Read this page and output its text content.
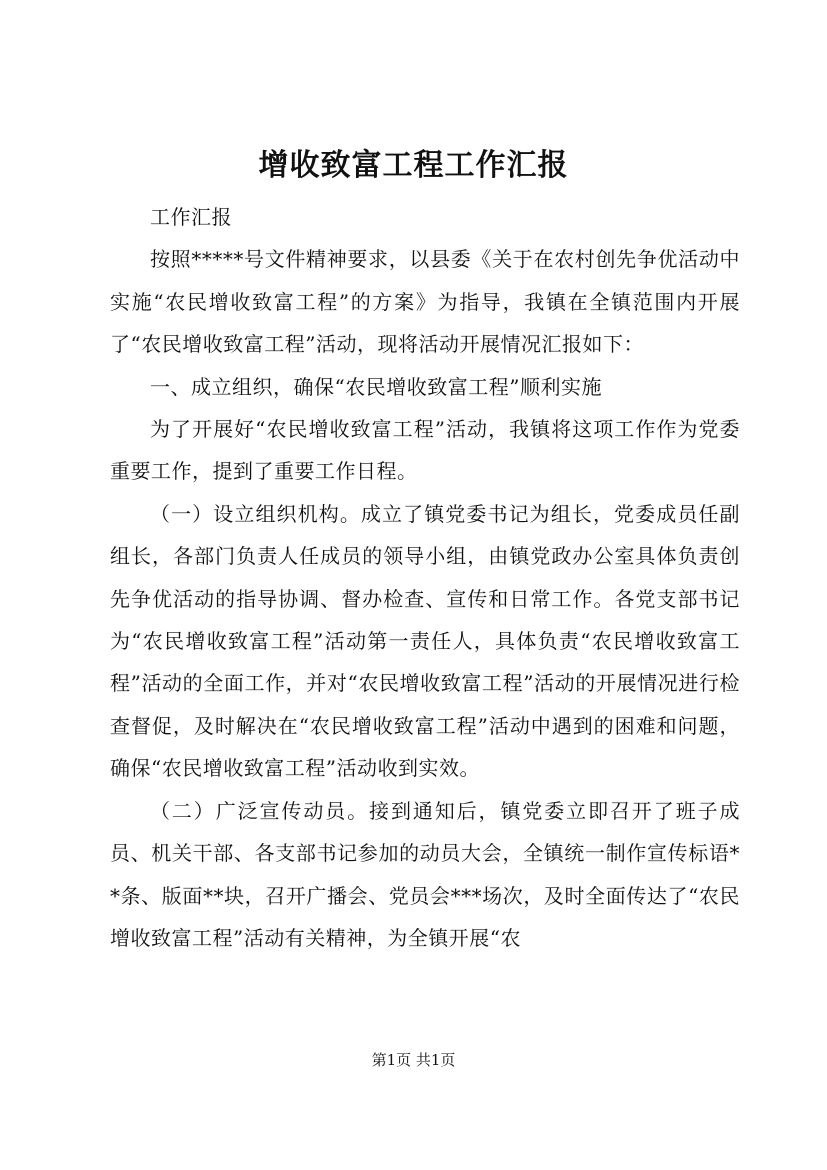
增收致富工程工作汇报

工作汇报

按照*****号文件精神要求，以县委《关于在农村创先争优活动中实施“农民增收致富工程”的方案》为指导，我镇在全镇范围内开展了“农民增收致富工程”活动，现将活动开展情况汇报如下：

一、成立组织，确保“农民增收致富工程”顺利实施

为了开展好“农民增收致富工程”活动，我镇将这项工作作为党委重要工作，提到了重要工作日程。

（一）设立组织机构。成立了镇党委书记为组长，党委成员任副组长，各部门负责人任成员的领导小组，由镇党政办公室具体负责创先争优活动的指导协调、督办检查、宣传和日常工作。各党支部书记为“农民增收致富工程”活动第一责任人，具体负责“农民增收致富工程”活动的全面工作，并对“农民增收致富工程”活动的开展情况进行检查督促，及时解决在“农民增收致富工程”活动中遇到的困难和问题，确保“农民增收致富工程”活动收到实效。

（二）广泛宣传动员。接到通知后，镇党委立即召开了班子成员、机关干部、各支部书记参加的动员大会，全镇统一制作宣传标语**条、版面**块，召开广播会、党员会***场次，及时全面传达了“农民增收致富工程”活动有关精神，为全镇开展“农

第1页 共1页
